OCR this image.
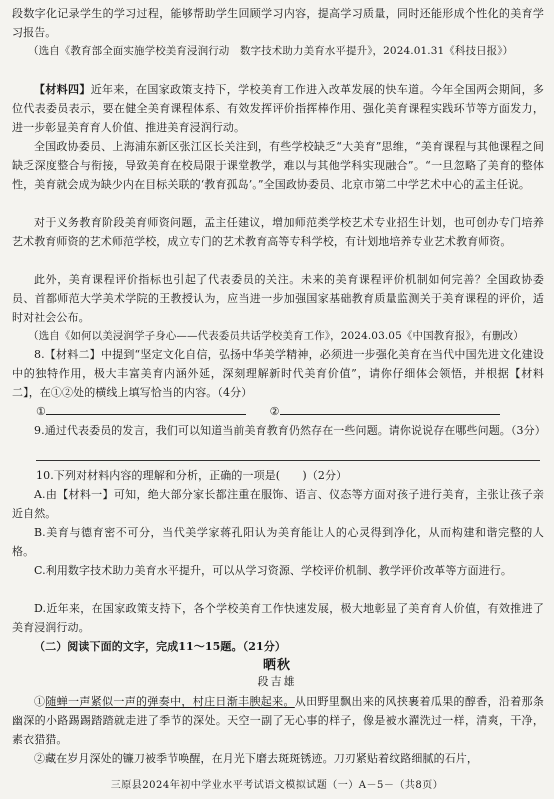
段数字化记录学生的学习过程，能够帮助学生回顾学习内容，提高学习质量，同时还能形成个性化的美育学习报告。
（选自《教育部全面实施学校美育浸润行动　数字技术助力美育水平提升》，2024.01.31《科技日报》）
【材料四】近年来，在国家政策支持下，学校美育工作进入改革发展的快车道。今年全国两会期间，多位代表委员表示，要在健全美育课程体系、有效发挥评价指挥棒作用、强化美育课程实践环节等方面发力，进一步彰显美育育人价值、推进美育浸润行动。
全国政协委员、上海浦东新区张江区长关注到，有些学校缺乏“大美育”思维，“美育课程与其他课程之间缺乏深度整合与衔接，导致美育在校局限于课堂教学，难以与其他学科实现融合”。“一旦忽略了美育的整体性，美育就会成为缺少内在目标关联的‘教育孤岛’。”全国政协委员、北京市第二中学艺术中心的孟主任说。
对于义务教育阶段美育师资问题，孟主任建议，增加师范类学校艺术专业招生计划，也可创办专门培养艺术教育师资的艺术师范学校，成立专门的艺术教育高等专科学校，有计划地培养专业艺术教育师资。
此外，美育课程评价指标也引起了代表委员的关注。未来的美育课程评价机制如何完善？全国政协委员、首都师范大学美术学院的王教授认为，应当进一步加强国家基础教育质量监测关于美育课程的评价，适时对社会公布。
（选自《如何以美浸润学子身心——代表委员共话学校美育工作》，2024.03.05《中国教育报》，有删改）
8.【材料二】中提到“坚定文化自信，弘扬中华美学精神，必须进一步强化美育在当代中国先进文化建设中的独特作用，极大丰富美育内涵外延，深刻理解新时代美育价值”，请你仔细体会领悟，并根据【材料二】，在①②处的横线上填写恰当的内容。（4分）
①	②
9.通过代表委员的发言，我们可以知道当前美育教育仍然存在一些问题。请你说说存在哪些问题。（3分）
10.下列对材料内容的理解和分析，正确的一项是(　　)（2分）
A.由【材料一】可知，绝大部分家长都注重在服饰、语言、仪态等方面对孩子进行美育，主张让孩子亲近自然。
B.美育与德育密不可分，当代美学家蒋孔阳认为美育能让人的心灵得到净化，从而构建和谐完整的人格。
C.利用数字技术助力美育水平提升，可以从学习资源、学校评价机制、教学评价改革等方面进行。
D.近年来，在国家政策支持下，各个学校美育工作快速发展，极大地彰显了美育育人价值，有效推进了美育浸润行动。
（二）阅读下面的文字，完成11～15题。（21分）
晒秋
段吉雄
①随蝉一声紧似一声的弹奏中，村庄日渐丰腴起来。从田野里飘出来的风挟裹着瓜果的醇香，沿着那条幽深的小路踢踢踏踏就走进了季节的深处。天空一副了无心事的样子，像是被水濯洗过一样，清爽，干净，素衣猎猎。
②藏在岁月深处的镰刀被季节唤醒，在月光下磨去斑斑锈迹。刀刃紧贴着纹路细腻的石片，
三原县2024年初中学业水平考试语文模拟试题（一）A－5－（共8页）
